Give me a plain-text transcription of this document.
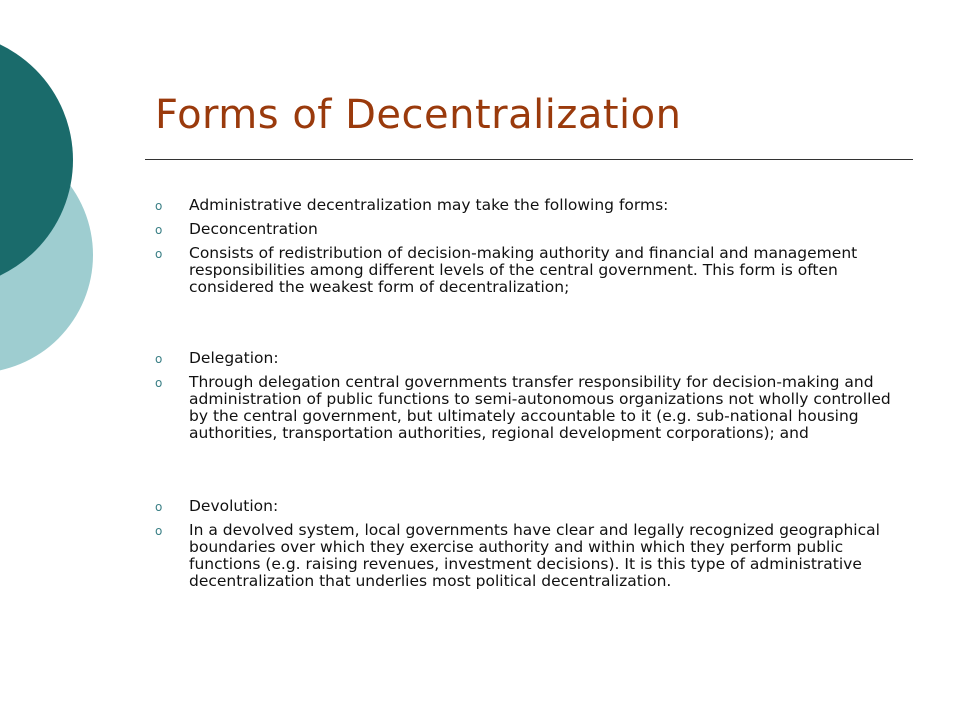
Forms of Decentralization
o	Administrative decentralization may take the following forms:
o	Deconcentration
o	Consists of redistribution of decision-making authority and financial and management responsibilities among different levels of the central government. This form is often considered the weakest form of decentralization;
o	Delegation:
o	Through delegation central governments transfer responsibility for decision-making and administration of public functions to semi-autonomous organizations not wholly controlled by the central government, but ultimately accountable to it (e.g. sub-national housing authorities, transportation authorities, regional development corporations); and
o	Devolution:
o	In a devolved system, local governments have clear and legally recognized geographical boundaries over which they exercise authority and within which they perform public functions (e.g. raising revenues, investment decisions). It is this type of administrative decentralization that underlies most political decentralization.
